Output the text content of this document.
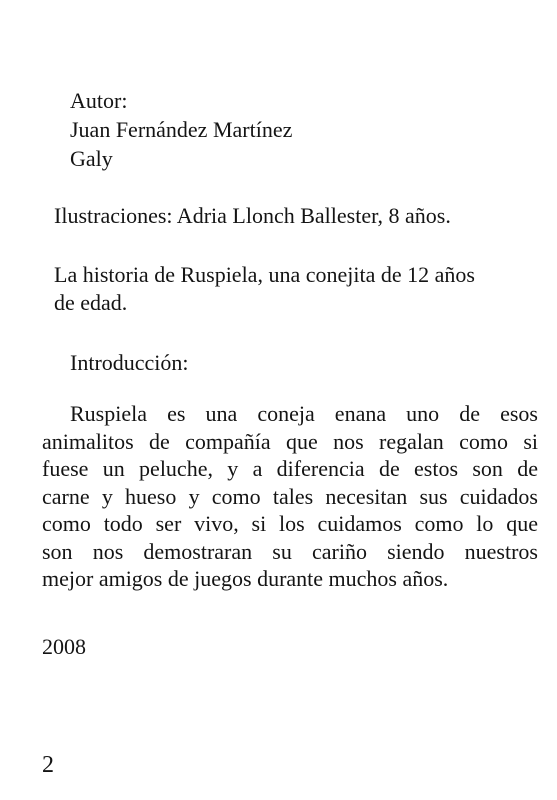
Autor:
Juan Fernández Martínez
Galy
Ilustraciones: Adria Llonch Ballester, 8 años.
La historia de Ruspiela, una conejita de 12 años
de edad.
Introducción:
Ruspiela es una coneja enana uno de esos
animalitos de compañía que nos regalan como si
fuese un peluche, y a diferencia de estos son de
carne y hueso y como tales necesitan sus cuidados
como todo ser vivo, si los cuidamos como lo que
son nos demostraran su cariño siendo nuestros
mejor amigos de juegos durante muchos años.
2008
2
